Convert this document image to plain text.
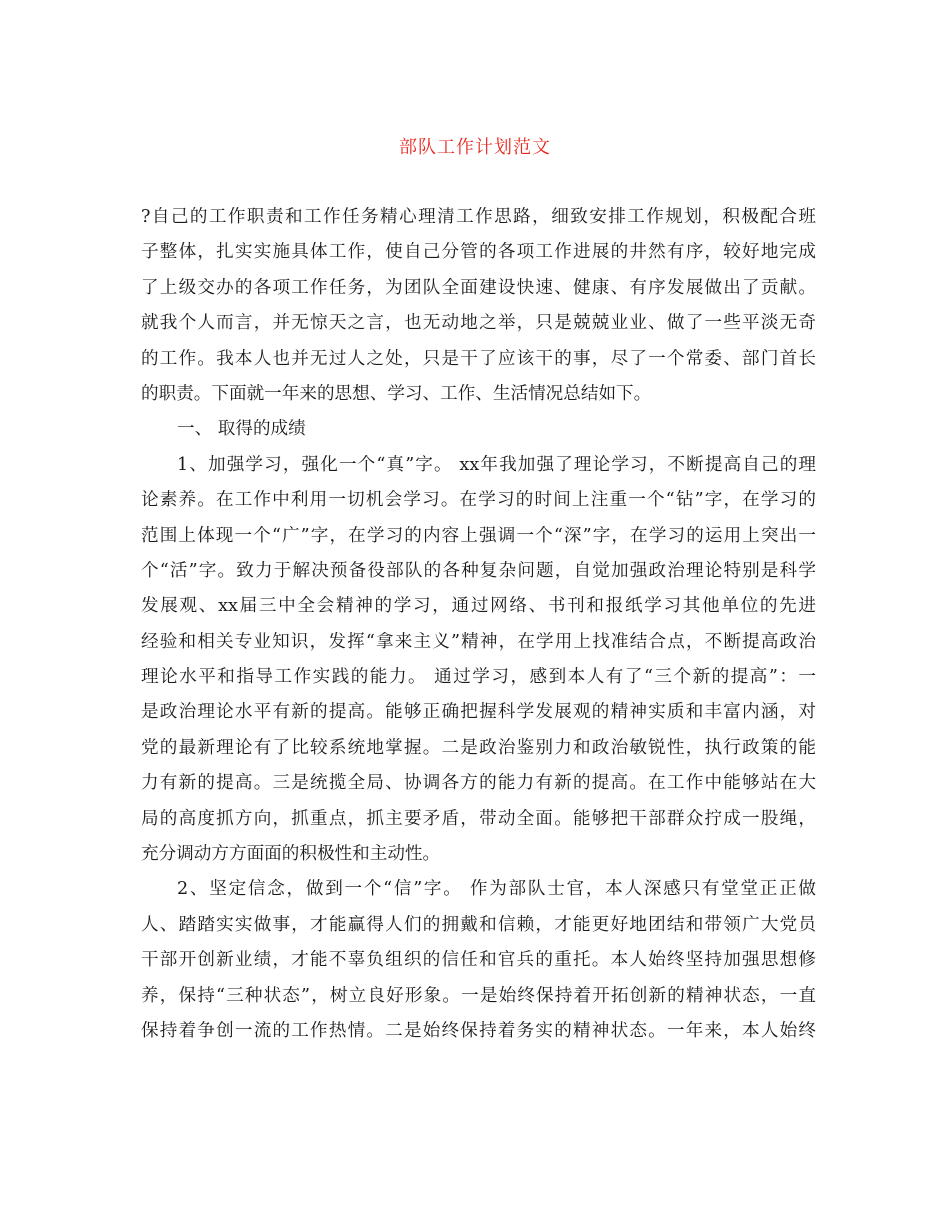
部队工作计划范文
?自己的工作职责和工作任务精心理清工作思路，细致安排工作规划，积极配合班
子整体，扎实实施具体工作，使自己分管的各项工作进展的井然有序，较好地完成
了上级交办的各项工作任务，为团队全面建设快速、健康、有序发展做出了贡献。
就我个人而言，并无惊天之言，也无动地之举，只是兢兢业业、做了一些平淡无奇
的工作。我本人也并无过人之处，只是干了应该干的事，尽了一个常委、部门首长
的职责。下面就一年来的思想、学习、工作、生活情况总结如下。
一、 取得的成绩
1、加强学习，强化一个“真”字。 xx年我加强了理论学习，不断提高自己的理
论素养。在工作中利用一切机会学习。在学习的时间上注重一个“钻”字，在学习的
范围上体现一个“广”字，在学习的内容上强调一个“深”字，在学习的运用上突出一
个“活”字。致力于解决预备役部队的各种复杂问题，自觉加强政治理论特别是科学
发展观、xx届三中全会精神的学习，通过网络、书刊和报纸学习其他单位的先进
经验和相关专业知识，发挥“拿来主义”精神，在学用上找准结合点，不断提高政治
理论水平和指导工作实践的能力。 通过学习，感到本人有了“三个新的提高”：一
是政治理论水平有新的提高。能够正确把握科学发展观的精神实质和丰富内涵，对
党的最新理论有了比较系统地掌握。二是政治鉴别力和政治敏锐性，执行政策的能
力有新的提高。三是统揽全局、协调各方的能力有新的提高。在工作中能够站在大
局的高度抓方向，抓重点，抓主要矛盾，带动全面。能够把干部群众拧成一股绳，
充分调动方方面面的积极性和主动性。
2、坚定信念，做到一个“信”字。 作为部队士官，本人深感只有堂堂正正做
人、踏踏实实做事，才能赢得人们的拥戴和信赖，才能更好地团结和带领广大党员
干部开创新业绩，才能不辜负组织的信任和官兵的重托。本人始终坚持加强思想修
养，保持“三种状态”，树立良好形象。一是始终保持着开拓创新的精神状态，一直
保持着争创一流的工作热情。二是始终保持着务实的精神状态。一年来，本人始终
